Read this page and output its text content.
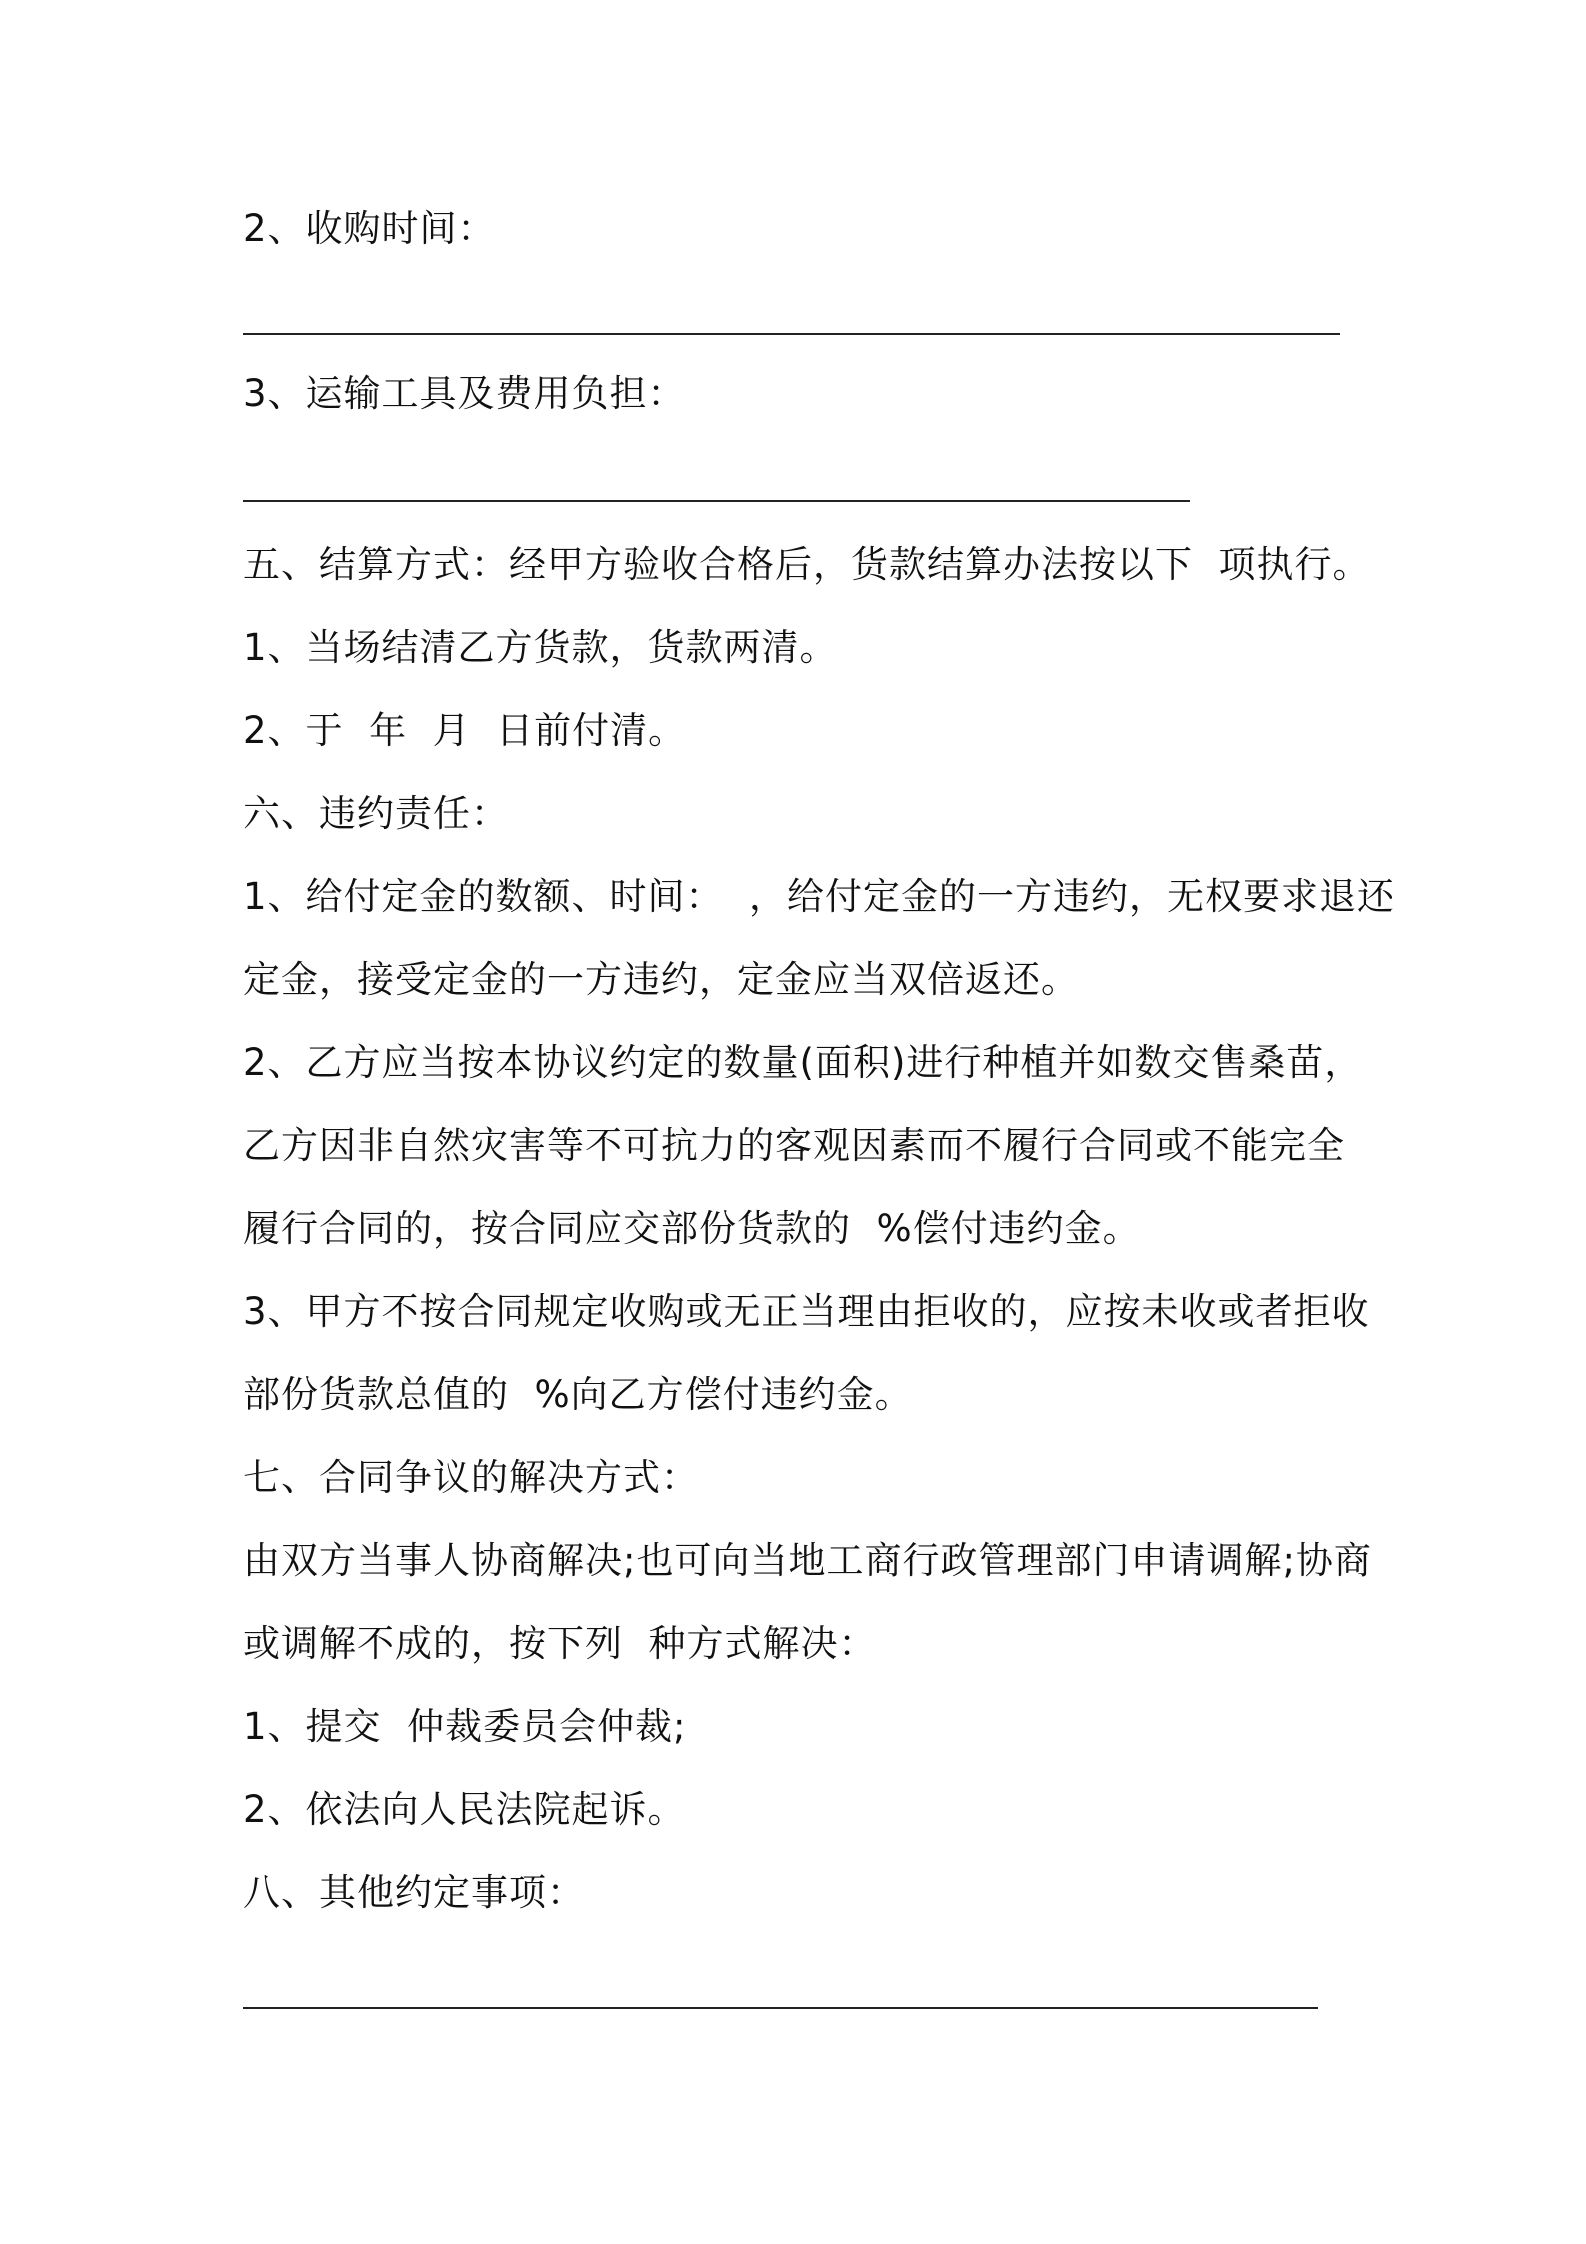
2、收购时间：
3、运输工具及费用负担：
五、结算方式：经甲方验收合格后，货款结算办法按以下  项执行。
1、当场结清乙方货款，货款两清。
2、于  年  月  日前付清。
六、违约责任：
1、给付定金的数额、时间：  ，给付定金的一方违约，无权要求退还
定金，接受定金的一方违约，定金应当双倍返还。
2、乙方应当按本协议约定的数量(面积)进行种植并如数交售桑苗，
乙方因非自然灾害等不可抗力的客观因素而不履行合同或不能完全
履行合同的，按合同应交部份货款的  %偿付违约金。
3、甲方不按合同规定收购或无正当理由拒收的，应按未收或者拒收
部份货款总值的  %向乙方偿付违约金。
七、合同争议的解决方式：
由双方当事人协商解决;也可向当地工商行政管理部门申请调解;协商
或调解不成的，按下列  种方式解决：
1、提交  仲裁委员会仲裁;
2、依法向人民法院起诉。
八、其他约定事项：
